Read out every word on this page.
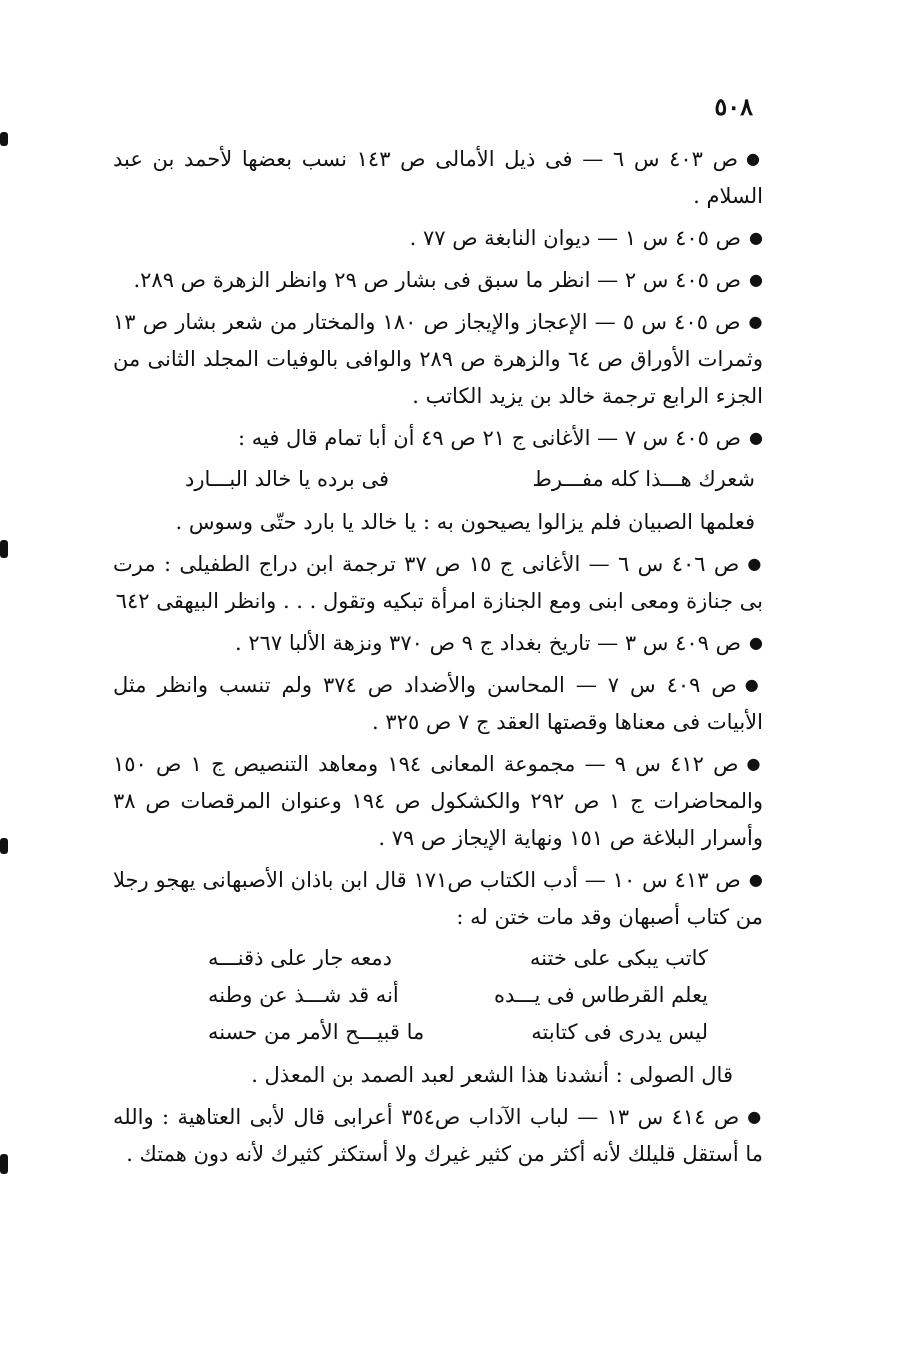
٥٠٨
●ص ٤٠٣ س ٦ — فى ذيل الأمالى ص ١٤٣ نسب بعضها لأحمد بن عبد السلام .
●ص ٤٠٥ س ١ — ديوان النابغة ص ٧٧ .
●ص ٤٠٥ س ٢ — انظر ما سبق فى بشار ص ٢٩ وانظر الزهرة ص ٢٨٩.
●ص ٤٠٥ س ٥ — الإعجاز والإيجاز ص ١٨٠ والمختار من شعر بشار ص ١٣ وثمرات الأوراق ص ٦٤ والزهرة ص ٢٨٩ والوافى بالوفيات المجلد الثانى من الجزء الرابع ترجمة خالد بن يزيد الكاتب .
●ص ٤٠٥ س ٧ — الأغانى ج ٢١ ص ٤٩ أن أبا تمام قال فيه :
شعرك هـــذا كله مفـــرط
فى برده يا خالد البـــارد
فعلمها الصبيان فلم يزالوا يصيحون به : يا خالد يا بارد حتّى وسوس .
●ص ٤٠٦ س ٦ — الأغانى ج ١٥ ص ٣٧ ترجمة ابن دراج الطفيلى : مرت بى جنازة ومعى ابنى ومع الجنازة امرأة تبكيه وتقول . . . وانظر البيهقى ٦٤٢
●ص ٤٠٩ س ٣ — تاريخ بغداد ج ٩ ص ٣٧٠ ونزهة الألبا ٢٦٧ .
●ص ٤٠٩ س ٧ — المحاسن والأضداد ص ٣٧٤ ولم تنسب وانظر مثل الأبيات فى معناها وقصتها العقد ج ٧ ص ٣٢٥ .
●ص ٤١٢ س ٩ — مجموعة المعانى ١٩٤ ومعاهد التنصيص ج ١ ص ١٥٠ والمحاضرات ج ١ ص ٢٩٢ والكشكول ص ١٩٤ وعنوان المرقصات ص ٣٨ وأسرار البلاغة ص ١٥١ ونهاية الإيجاز ص ٧٩ .
●ص ٤١٣ س ١٠ — أدب الكتاب ص١٧١ قال ابن باذان الأصبهانى يهجو رجلا من كتاب أصبهان وقد مات ختن له :
كاتب يبكى على ختنه
دمعه جار على ذقنـــه
يعلم القرطاس فى يـــده
أنه قد شـــذ عن وطنه
ليس يدرى فى كتابته
ما قبيـــح الأمر من حسنه
قال الصولى : أنشدنا هذا الشعر لعبد الصمد بن المعذل .
●ص ٤١٤ س ١٣ — لباب الآداب ص٣٥٤ أعرابى قال لأبى العتاهية : والله ما أستقل قليلك لأنه أكثر من كثير غيرك ولا أستكثر كثيرك لأنه دون همتك .
